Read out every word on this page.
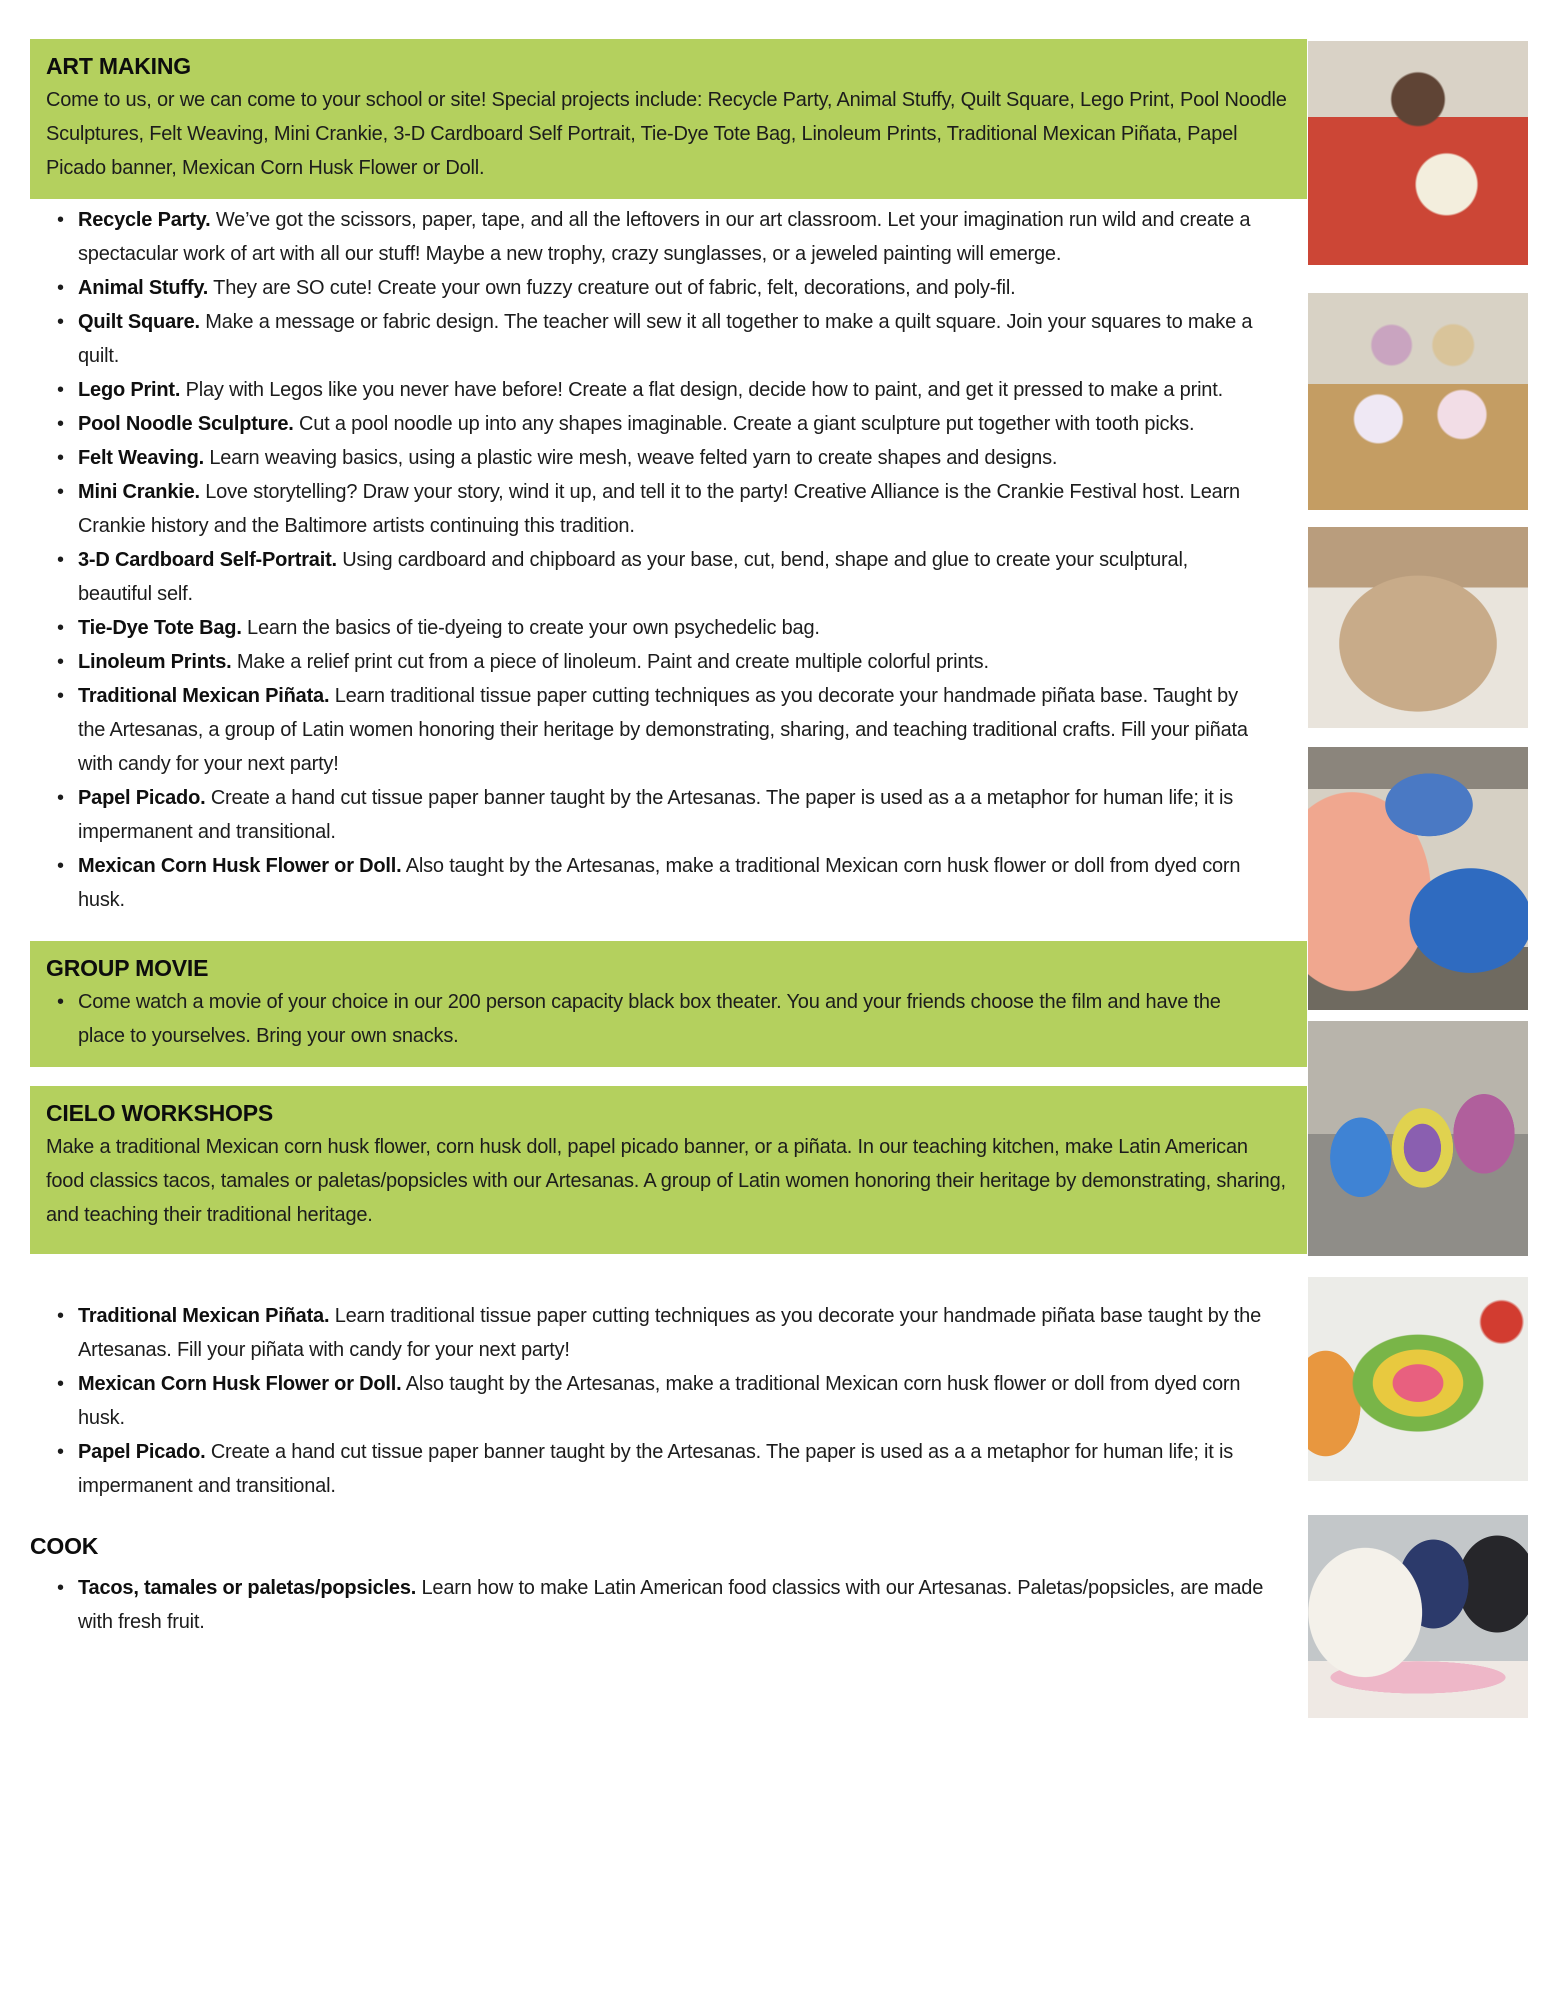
ART MAKING

Come to us, or we can come to your school or site! Special projects include: Recycle Party, Animal Stuffy, Quilt Square, Lego Print, Pool Noodle Sculptures, Felt Weaving, Mini Crankie, 3-D Cardboard Self Portrait, Tie-Dye Tote Bag, Linoleum Prints, Traditional Mexican Piñata, Papel Picado banner, Mexican Corn Husk Flower or Doll.

• Recycle Party. We’ve got the scissors, paper, tape, and all the leftovers in our art classroom. Let your imagination run wild and create a spectacular work of art with all our stuff! Maybe a new trophy, crazy sunglasses, or a jeweled painting will emerge.
• Animal Stuffy. They are SO cute! Create your own fuzzy creature out of fabric, felt, decorations, and poly-fil.
• Quilt Square. Make a message or fabric design. The teacher will sew it all together to make a quilt square. Join your squares to make a quilt.
• Lego Print. Play with Legos like you never have before! Create a flat design, decide how to paint, and get it pressed to make a print.
• Pool Noodle Sculpture. Cut a pool noodle up into any shapes imaginable. Create a giant sculpture put together with tooth picks.
• Felt Weaving. Learn weaving basics, using a plastic wire mesh, weave felted yarn to create shapes and designs.
• Mini Crankie. Love storytelling? Draw your story, wind it up, and tell it to the party! Creative Alliance is the Crankie Festival host. Learn Crankie history and the Baltimore artists continuing this tradition.
• 3-D Cardboard Self-Portrait. Using cardboard and chipboard as your base, cut, bend, shape and glue to create your sculptural, beautiful self.
• Tie-Dye Tote Bag. Learn the basics of tie-dyeing to create your own psychedelic bag.
• Linoleum Prints. Make a relief print cut from a piece of linoleum. Paint and create multiple colorful prints.
• Traditional Mexican Piñata. Learn traditional tissue paper cutting techniques as you decorate your handmade piñata base. Taught by the Artesanas, a group of Latin women honoring their heritage by demonstrating, sharing, and teaching traditional crafts. Fill your piñata with candy for your next party!
• Papel Picado. Create a hand cut tissue paper banner taught by the Artesanas. The paper is used as a a metaphor for human life; it is impermanent and transitional.
• Mexican Corn Husk Flower or Doll. Also taught by the Artesanas, make a traditional Mexican corn husk flower or doll from dyed corn husk.
GROUP MOVIE
• Come watch a movie of your choice in our 200 person capacity black box theater. You and your friends choose the film and have the place to yourselves. Bring your own snacks.
CIELO WORKSHOPS

Make a traditional Mexican corn husk flower, corn husk doll, papel picado banner, or a piñata. In our teaching kitchen, make Latin American food classics tacos, tamales or paletas/popsicles with our Artesanas. A group of Latin women honoring their heritage by demonstrating, sharing, and teaching their traditional heritage.

• Traditional Mexican Piñata. Learn traditional tissue paper cutting techniques as you decorate your handmade piñata base taught by the Artesanas. Fill your piñata with candy for your next party!
• Mexican Corn Husk Flower or Doll. Also taught by the Artesanas, make a traditional Mexican corn husk flower or doll from dyed corn husk.
• Papel Picado. Create a hand cut tissue paper banner taught by the Artesanas. The paper is used as a a metaphor for human life; it is impermanent and transitional.
COOK
• Tacos, tamales or paletas/popsicles. Learn how to make Latin American food classics with our Artesanas. Paletas/popsicles, are made with fresh fruit.
